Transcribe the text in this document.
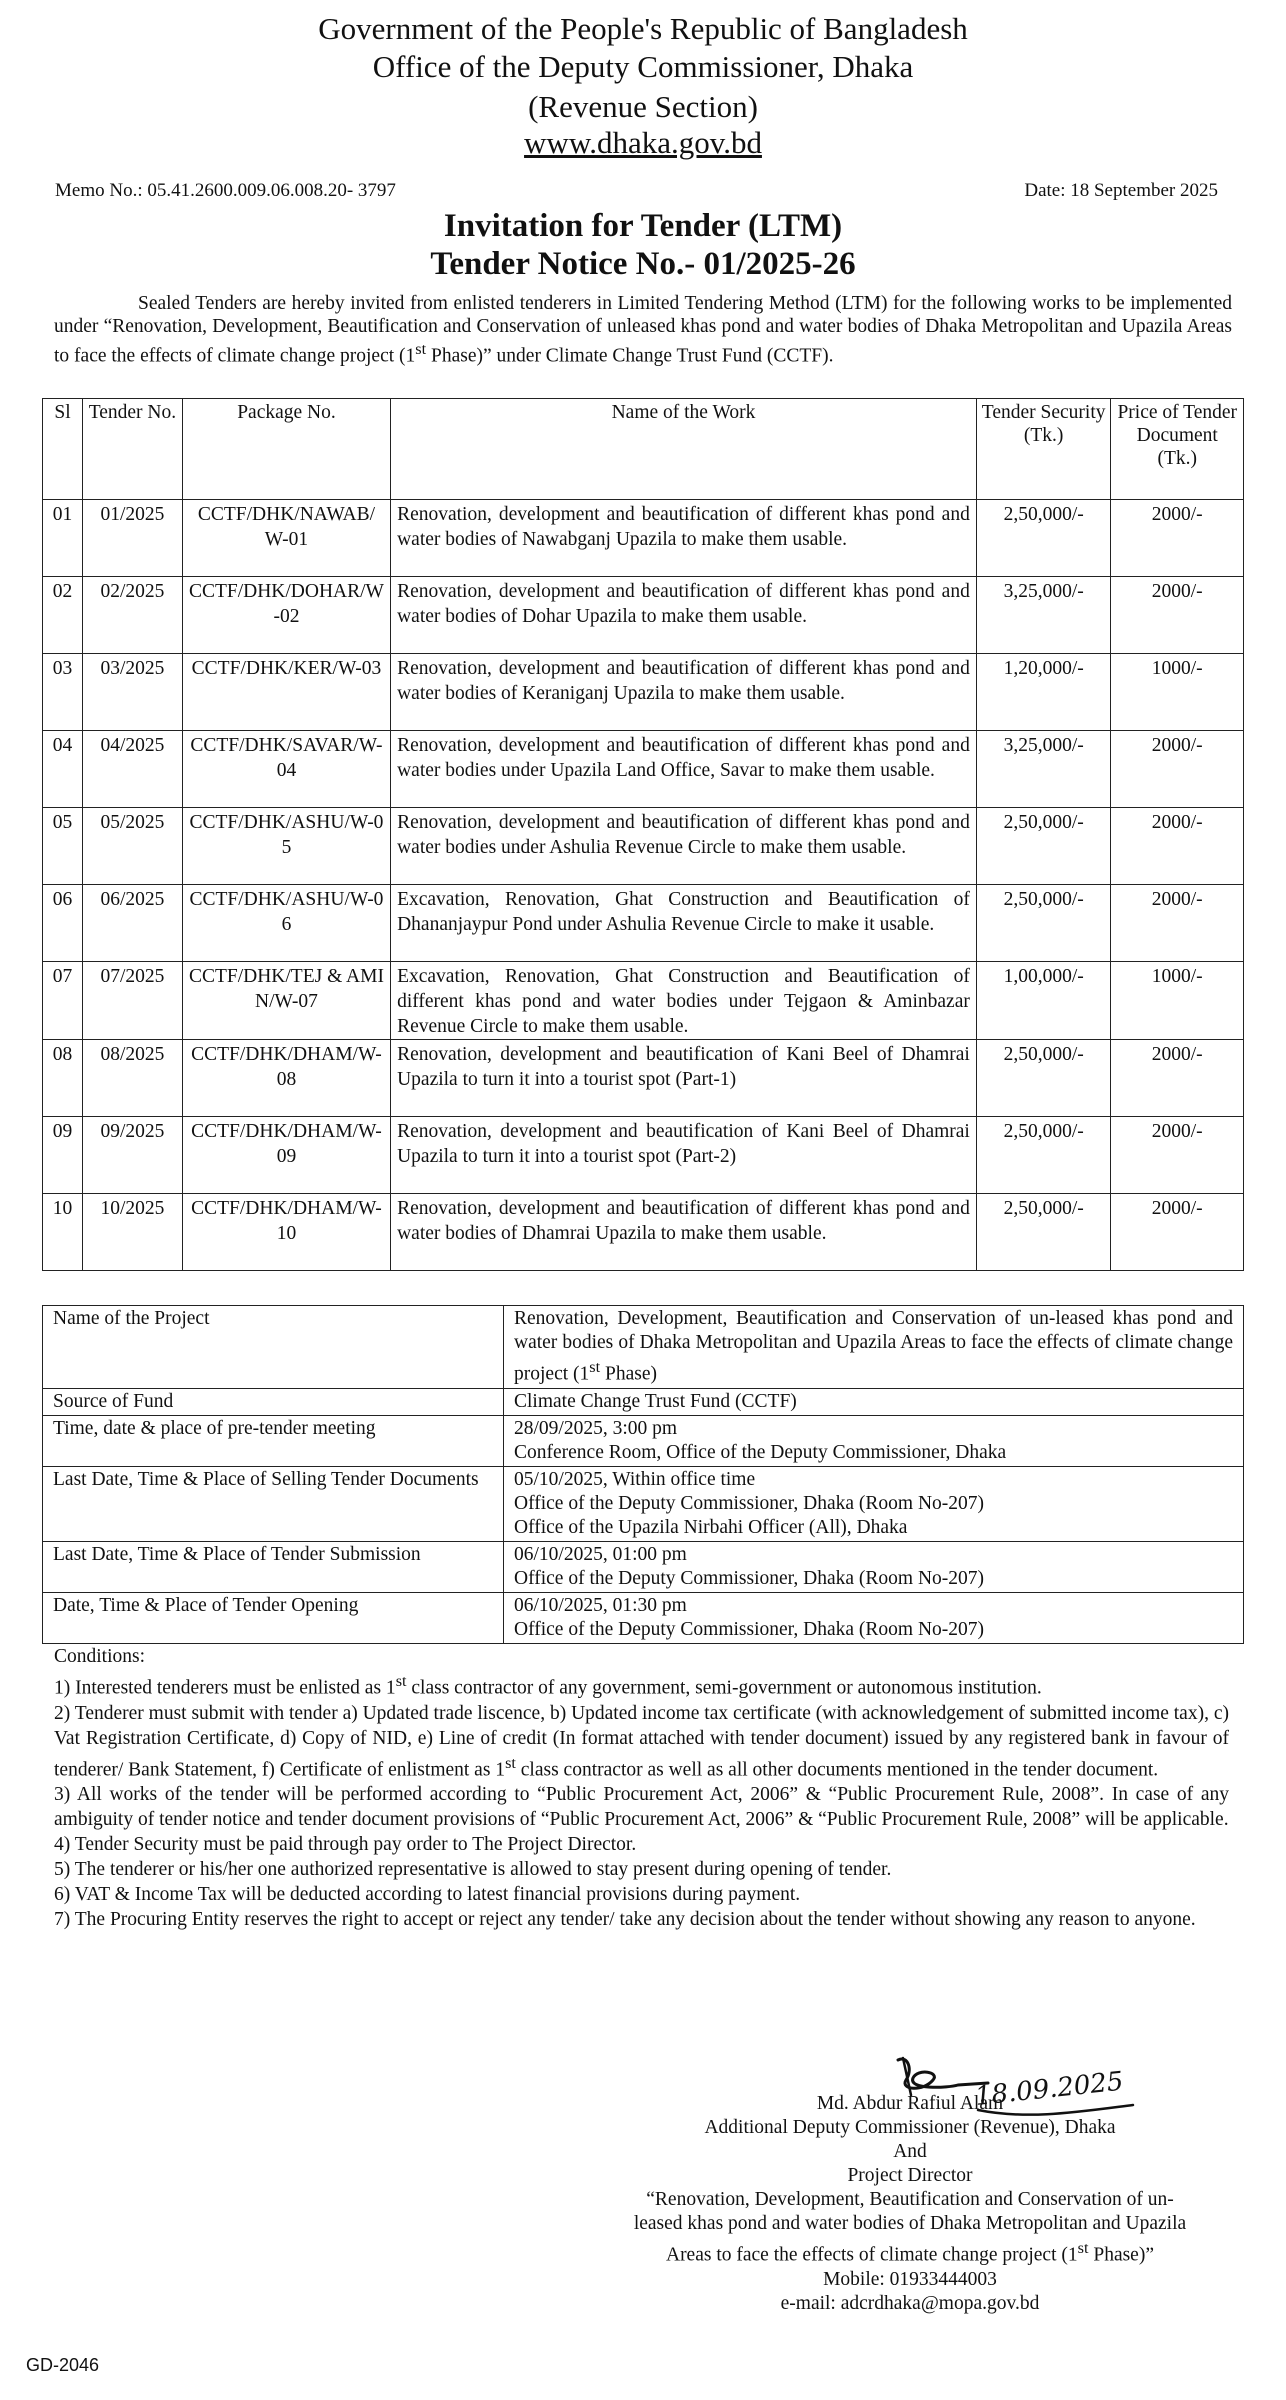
Government of the People's Republic of Bangladesh
Office of the Deputy Commissioner, Dhaka
(Revenue Section)
www.dhaka.gov.bd
Memo No.: 05.41.2600.009.06.008.20- 3797	Date: 18 September 2025
Invitation for Tender (LTM)
Tender Notice No.- 01/2025-26
Sealed Tenders are hereby invited from enlisted tenderers in Limited Tendering Method (LTM) for the following works to be implemented under “Renovation, Development, Beautification and Conservation of unleased khas pond and water bodies of Dhaka Metropolitan and Upazila Areas to face the effects of climate change project (1st Phase)” under Climate Change Trust Fund (CCTF).
Sl	Tender No.	Package No.	Name of the Work	Tender Security (Tk.)	Price of Tender Document (Tk.)
01	01/2025	CCTF/DHK/NAWAB/W-01	Renovation, development and beautification of different khas pond and water bodies of Nawabganj Upazila to make them usable.	2,50,000/-	2000/-
02	02/2025	CCTF/DHK/DOHAR/W-02	Renovation, development and beautification of different khas pond and water bodies of Dohar Upazila to make them usable.	3,25,000/-	2000/-
03	03/2025	CCTF/DHK/KER/W-03	Renovation, development and beautification of different khas pond and water bodies of Keraniganj Upazila to make them usable.	1,20,000/-	1000/-
04	04/2025	CCTF/DHK/SAVAR/W-04	Renovation, development and beautification of different khas pond and water bodies under Upazila Land Office, Savar to make them usable.	3,25,000/-	2000/-
05	05/2025	CCTF/DHK/ASHU/W-05	Renovation, development and beautification of different khas pond and water bodies under Ashulia Revenue Circle to make them usable.	2,50,000/-	2000/-
06	06/2025	CCTF/DHK/ASHU/W-06	Excavation, Renovation, Ghat Construction and Beautification of Dhananjaypur Pond under Ashulia Revenue Circle to make it usable.	2,50,000/-	2000/-
07	07/2025	CCTF/DHK/TEJ & AMIN/W-07	Excavation, Renovation, Ghat Construction and Beautification of different khas pond and water bodies under Tejgaon & Aminbazar Revenue Circle to make them usable.	1,00,000/-	1000/-
08	08/2025	CCTF/DHK/DHAM/W-08	Renovation, development and beautification of Kani Beel of Dhamrai Upazila to turn it into a tourist spot (Part-1)	2,50,000/-	2000/-
09	09/2025	CCTF/DHK/DHAM/W-09	Renovation, development and beautification of Kani Beel of Dhamrai Upazila to turn it into a tourist spot (Part-2)	2,50,000/-	2000/-
10	10/2025	CCTF/DHK/DHAM/W-10	Renovation, development and beautification of different khas pond and water bodies of Dhamrai Upazila to make them usable.	2,50,000/-	2000/-
Name of the Project	Renovation, Development, Beautification and Conservation of un-leased khas pond and water bodies of Dhaka Metropolitan and Upazila Areas to face the effects of climate change project (1st Phase)
Source of Fund	Climate Change Trust Fund (CCTF)
Time, date & place of pre-tender meeting	28/09/2025, 3:00 pm
Conference Room, Office of the Deputy Commissioner, Dhaka

Last Date, Time & Place of Selling Tender Documents	05/10/2025, Within office time
Office of the Deputy Commissioner, Dhaka (Room No-207)
Office of the Upazila Nirbahi Officer (All), Dhaka

Last Date, Time & Place of Tender Submission	06/10/2025, 01:00 pm
Office of the Deputy Commissioner, Dhaka (Room No-207)

Date, Time & Place of Tender Opening	06/10/2025, 01:30 pm
Office of the Deputy Commissioner, Dhaka (Room No-207)

Conditions:

1) Interested tenderers must be enlisted as 1st class contractor of any government, semi-government or autonomous institution.

2) Tenderer must submit with tender a) Updated trade liscence, b) Updated income tax certificate (with acknowledgement of submitted income tax), c) Vat Registration Certificate, d) Copy of NID, e) Line of credit (In format attached with tender document) issued by any registered bank in favour of tenderer/ Bank Statement, f) Certificate of enlistment as 1st class contractor as well as all other documents mentioned in the tender document.

3) All works of the tender will be performed according to “Public Procurement Act, 2006” & “Public Procurement Rule, 2008”. In case of any ambiguity of tender notice and tender document provisions of “Public Procurement Act, 2006” & “Public Procurement Rule, 2008” will be applicable.

4) Tender Security must be paid through pay order to The Project Director.

5) The tenderer or his/her one authorized representative is allowed to stay present during opening of tender.

6) VAT & Income Tax will be deducted according to latest financial provisions during payment.

7) The Procuring Entity reserves the right to accept or reject any tender/ take any decision about the tender without showing any reason to anyone.

18.09.2025
Md. Abdur Rafiul Alam
Additional Deputy Commissioner (Revenue), Dhaka
And
Project Director
“Renovation, Development, Beautification and Conservation of un-leased khas pond and water bodies of Dhaka Metropolitan and Upazila Areas to face the effects of climate change project (1st Phase)”
Mobile: 01933444003
e-mail: adcrdhaka@mopa.gov.bd
GD-2046
